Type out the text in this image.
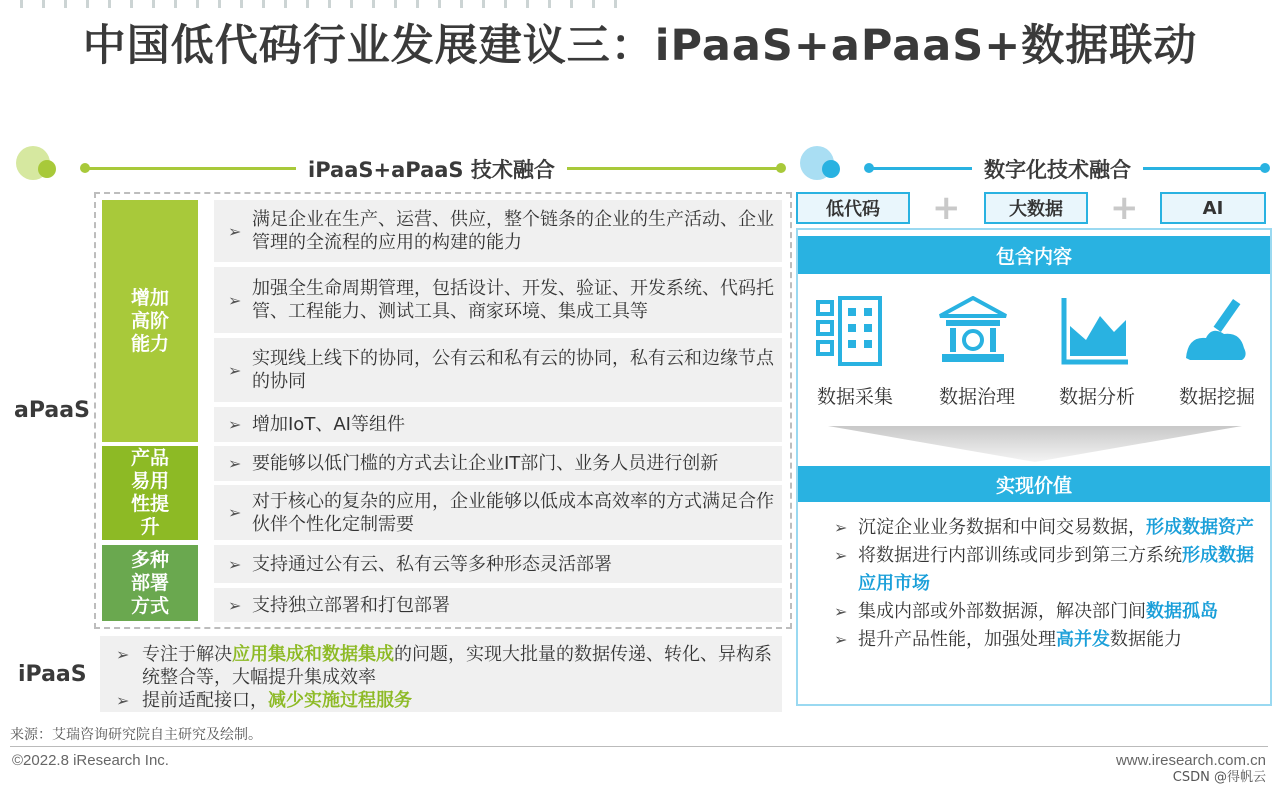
中国低代码行业发展建议三：iPaaS+aPaaS+数据联动
iPaaS+aPaaS 技术融合
aPaaS
增加
高阶
能力
产品
易用
性提
升
多种
部署
方式
➢
满足企业在生产、运营、供应，整个链条的企业的生产活动、企业管理的全流程的应用的构建的能力
➢
加强全生命周期管理，包括设计、开发、验证、开发系统、代码托管、工程能力、测试工具、商家环境、集成工具等
➢
实现线上线下的协同，公有云和私有云的协同，私有云和边缘节点的协同
➢ 增加IoT、AI等组件
➢ 要能够以低门槛的方式去让企业IT部门、业务人员进行创新
➢
对于核心的复杂的应用，企业能够以低成本高效率的方式满足合作伙伴个性化定制需要
➢ 支持通过公有云、私有云等多种形态灵活部署
➢ 支持独立部署和打包部署
iPaaS
➢ 专注于解决应用集成和数据集成的问题，实现大批量的数据传递、转化、异构系统整合等，大幅提升集成效率
➢ 提前适配接口，减少实施过程服务
数字化技术融合
低代码	+	大数据	+	AI
包含内容
数据采集	数据治理	数据分析	数据挖掘
实现价值
➢ 沉淀企业业务数据和中间交易数据，形成数据资产
➢ 将数据进行内部训练或同步到第三方系统形成数据应用市场
➢ 集成内部或外部数据源，解决部门间数据孤岛
➢ 提升产品性能，加强处理高并发数据能力
来源：艾瑞咨询研究院自主研究及绘制。
©2022.8 iResearch Inc.	www.iresearch.com.cn
CSDN @得帆云
